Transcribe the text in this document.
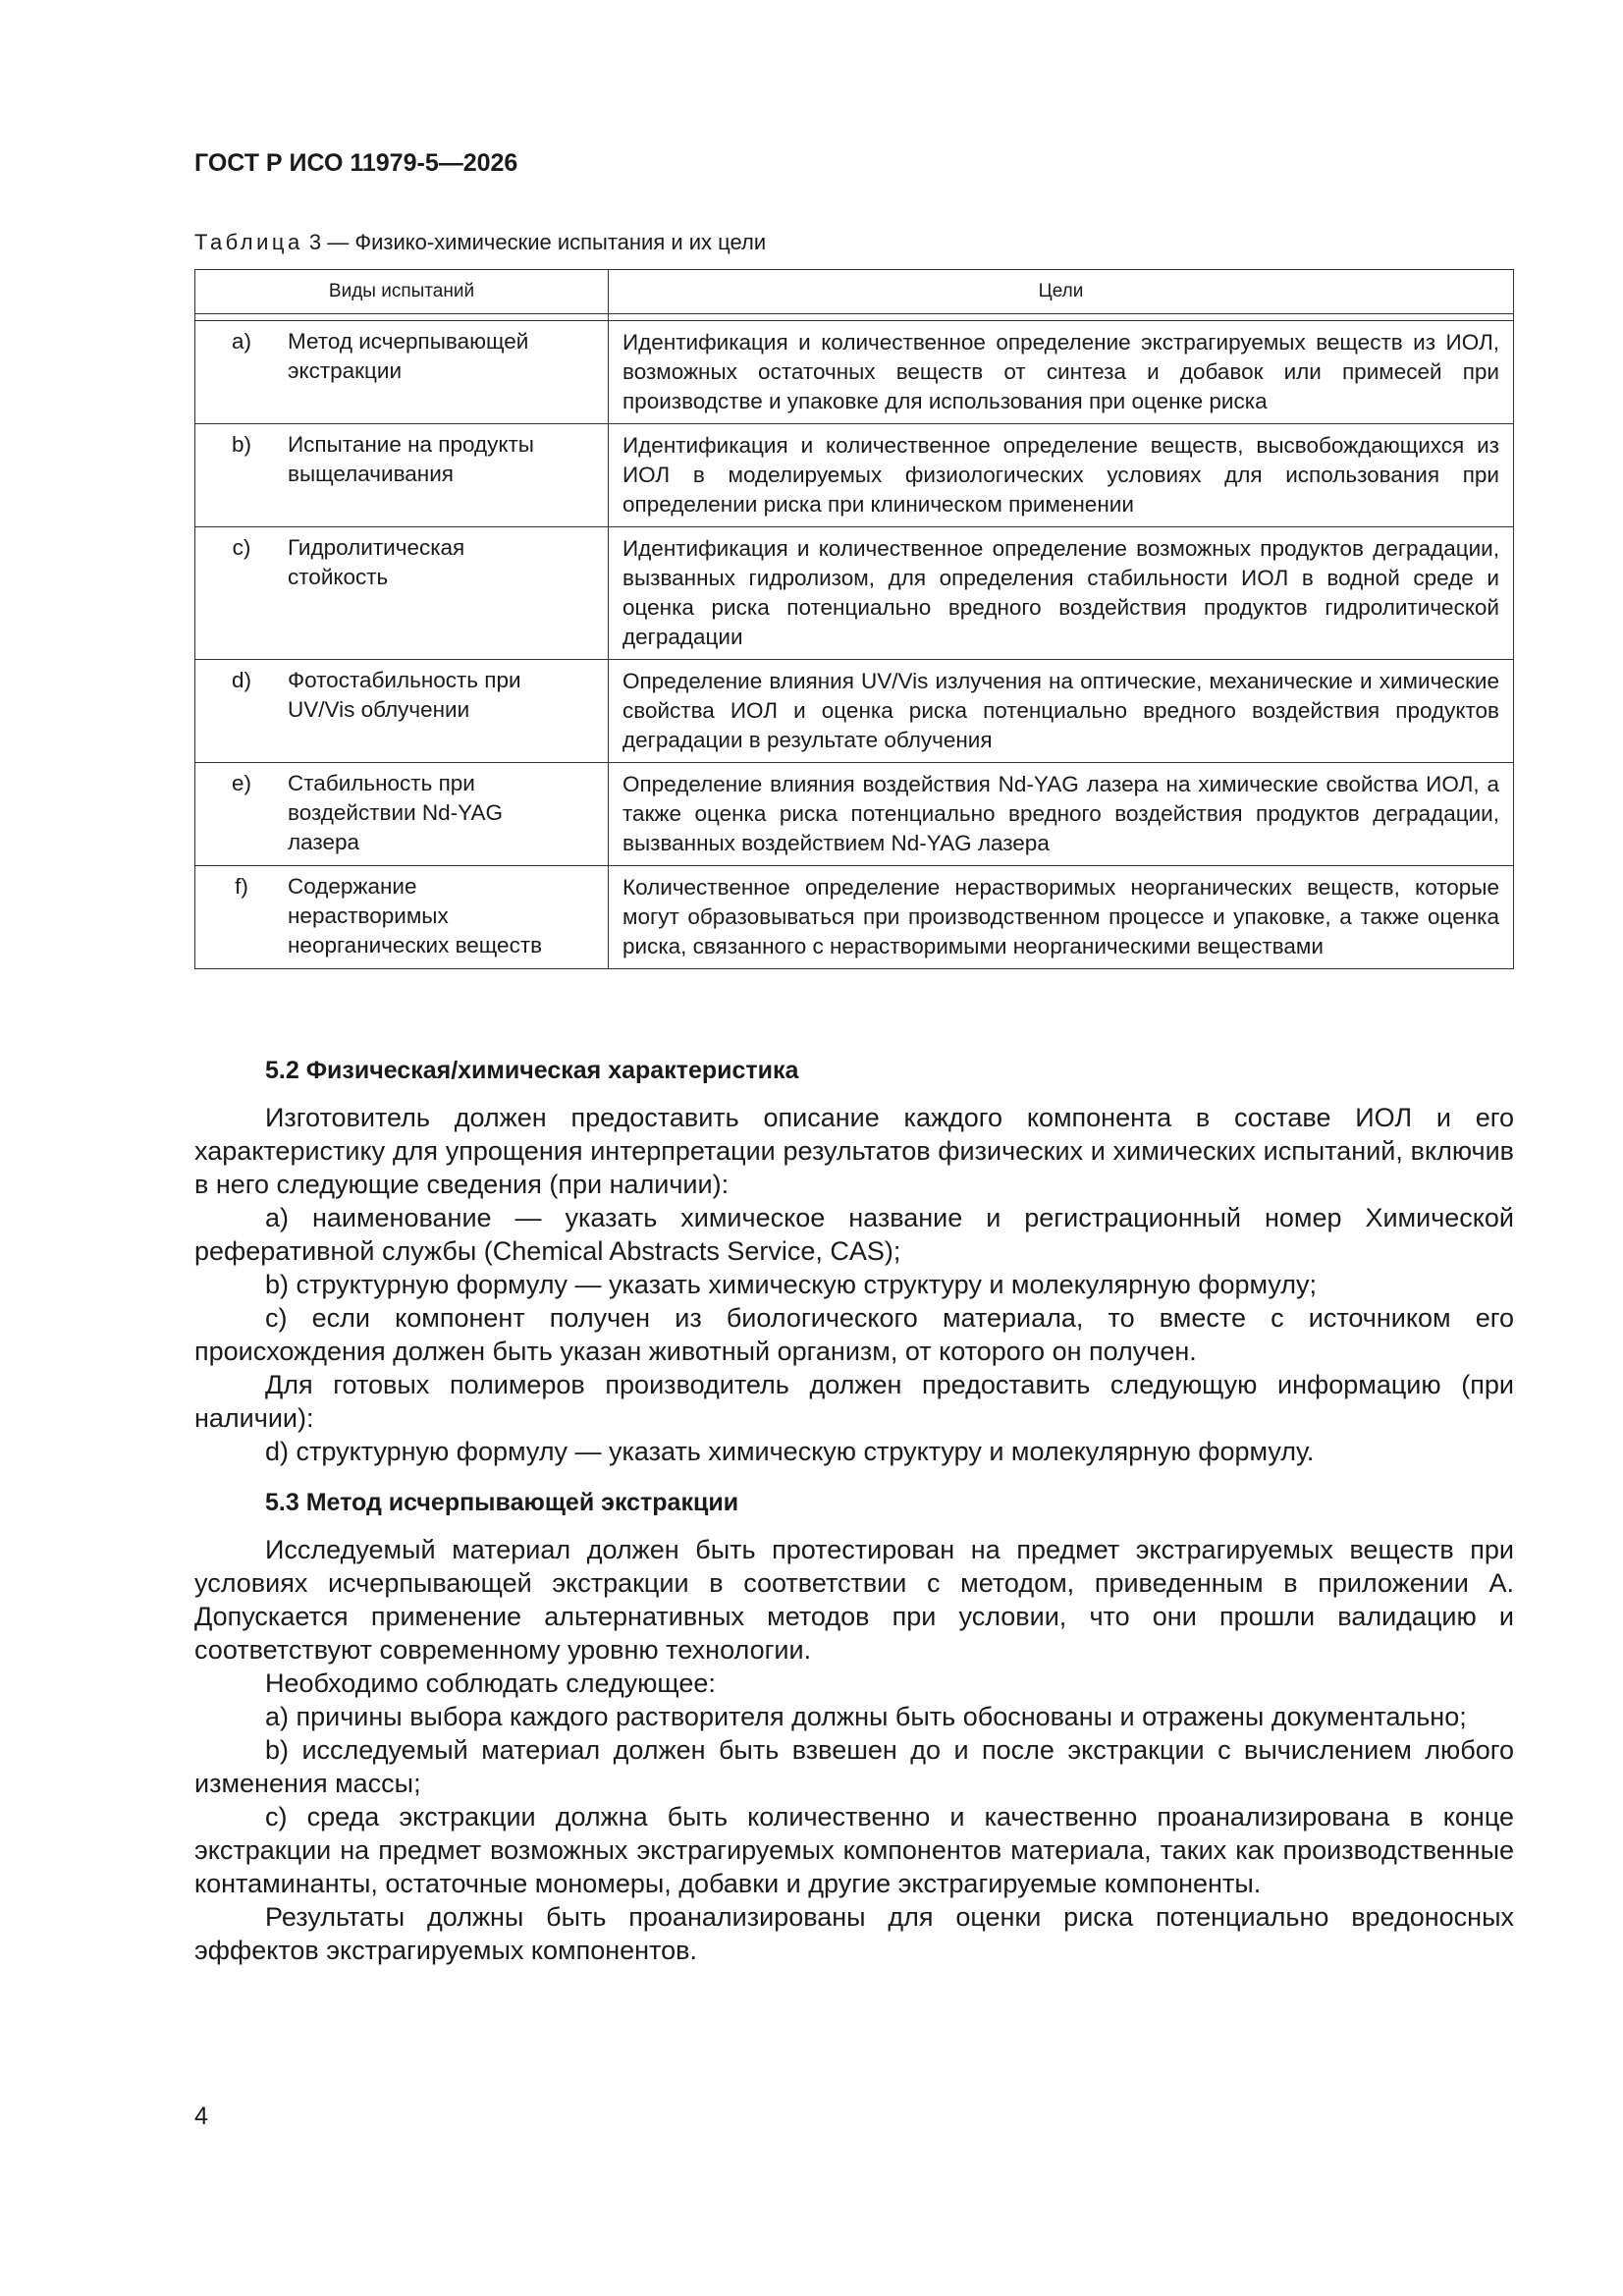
ГОСТ Р ИСО 11979-5—2026

Таблица 3 — Физико-химические испытания и их цели

Виды испытаний	Цели

a) Метод исчерпывающей экстракции	Идентификация и количественное определение экстрагируемых веществ из ИОЛ, возможных остаточных веществ от синтеза и добавок или примесей при производстве и упаковке для использования при оценке риска
b) Испытание на продукты выщелачивания	Идентификация и количественное определение веществ, высвобождающихся из ИОЛ в моделируемых физиологических условиях для использования при определении риска при клиническом применении
c) Гидролитическая стойкость	Идентификация и количественное определение возможных продуктов деградации, вызванных гидролизом, для определения стабильности ИОЛ в водной среде и оценка риска потенциально вредного воздействия продуктов гидролитической деградации
d) Фотостабильность при UV/Vis облучении	Определение влияния UV/Vis излучения на оптические, механические и химические свойства ИОЛ и оценка риска потенциально вредного воздействия продуктов деградации в результате облучения
e) Стабильность при воздействии Nd-YAG лазера	Определение влияния воздействия Nd-YAG лазера на химические свойства ИОЛ, а также оценка риска потенциально вредного воздействия продуктов деградации, вызванных воздействием Nd-YAG лазера
f) Содержание нерастворимых неорганических веществ	Количественное определение нерастворимых неорганических веществ, которые могут образовываться при производственном процессе и упаковке, а также оценка риска, связанного с нерастворимыми неорганическими веществами
5.2 Физическая/химическая характеристика

Изготовитель должен предоставить описание каждого компонента в составе ИОЛ и его характеристику для упрощения интерпретации результатов физических и химических испытаний, включив в него следующие сведения (при наличии):

a) наименование — указать химическое название и регистрационный номер Химической реферативной службы (Chemical Abstracts Service, CAS);

b) структурную формулу — указать химическую структуру и молекулярную формулу;

c) если компонент получен из биологического материала, то вместе с источником его происхождения должен быть указан животный организм, от которого он получен.

Для готовых полимеров производитель должен предоставить следующую информацию (при наличии):

d) структурную формулу — указать химическую структуру и молекулярную формулу.

5.3 Метод исчерпывающей экстракции

Исследуемый материал должен быть протестирован на предмет экстрагируемых веществ при условиях исчерпывающей экстракции в соответствии с методом, приведенным в приложении А. Допускается применение альтернативных методов при условии, что они прошли валидацию и соответствуют современному уровню технологии.

Необходимо соблюдать следующее:

a) причины выбора каждого растворителя должны быть обоснованы и отражены документально;

b) исследуемый материал должен быть взвешен до и после экстракции с вычислением любого изменения массы;

c) среда экстракции должна быть количественно и качественно проанализирована в конце экстракции на предмет возможных экстрагируемых компонентов материала, таких как производственные контаминанты, остаточные мономеры, добавки и другие экстрагируемые компоненты.

Результаты должны быть проанализированы для оценки риска потенциально вредоносных эффектов экстрагируемых компонентов.

4
